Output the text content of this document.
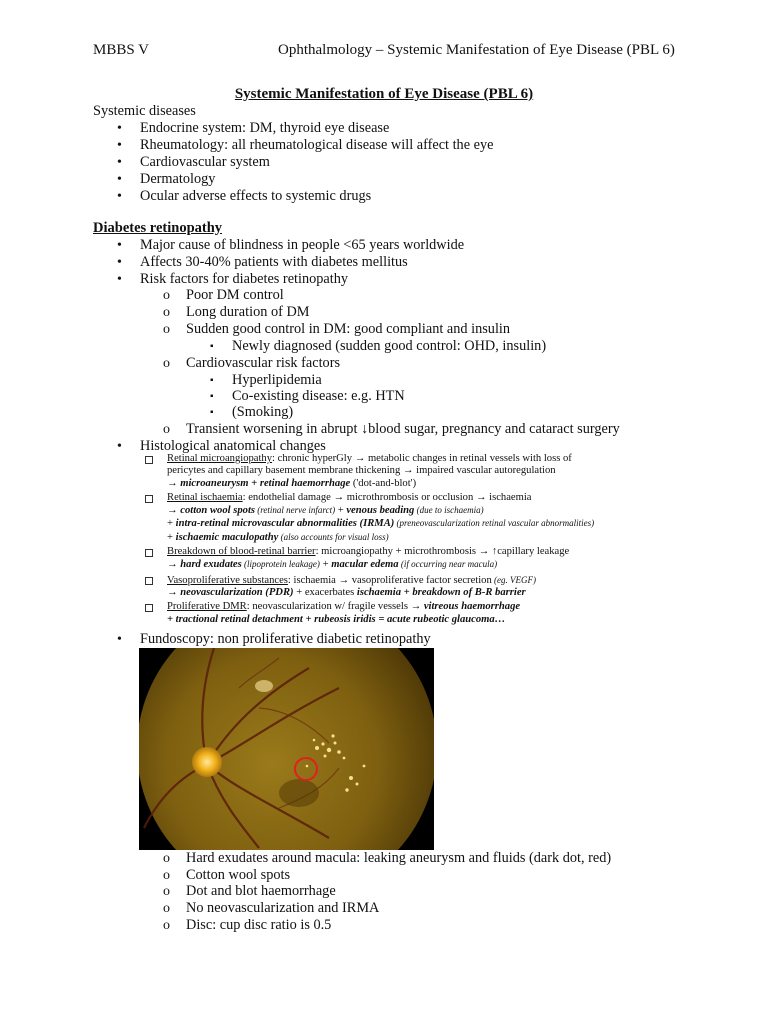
MBBS V	Ophthalmology – Systemic Manifestation of Eye Disease (PBL 6)
Systemic Manifestation of Eye Disease (PBL 6)
Systemic diseases
• Endocrine system: DM, thyroid eye disease
• Rheumatology: all rheumatological disease will affect the eye
• Cardiovascular system
• Dermatology
• Ocular adverse effects to systemic drugs
Diabetes retinopathy
• Major cause of blindness in people <65 years worldwide
• Affects 30-40% patients with diabetes mellitus
• Risk factors for diabetes retinopathy
o Poor DM control
o Long duration of DM
o Sudden good control in DM: good compliant and insulin
▪ Newly diagnosed (sudden good control: OHD, insulin)
o Cardiovascular risk factors
▪ Hyperlipidemia
▪ Co-existing disease: e.g. HTN
▪ (Smoking)
o Transient worsening in abrupt ↓blood sugar, pregnancy and cataract surgery
• Histological anatomical changes
Retinal microangiopathy: chronic hyperGly → metabolic changes in retinal vessels with loss of
pericytes and capillary basement membrane thickening → impaired vascular autoregulation
→ microaneurysm + retinal haemorrhage ('dot-and-blot')
Retinal ischaemia: endothelial damage → microthrombosis or occlusion → ischaemia
→ cotton wool spots (retinal nerve infarct) + venous beading (due to ischaemia)
+ intra-retinal microvascular abnormalities (IRMA) (preneovascularization retinal vascular abnormalities)
+ ischaemic maculopathy (also accounts for visual loss)
Breakdown of blood-retinal barrier: microangiopathy + microthrombosis → ↑capillary leakage
→ hard exudates (lipoprotein leakage) + macular edema (if occurring near macula)
Vasoproliferative substances: ischaemia → vasoproliferative factor secretion (eg. VEGF)
→ neovascularization (PDR) + exacerbates ischaemia + breakdown of B-R barrier
Proliferative DMR: neovascularization w/ fragile vessels → vitreous haemorrhage
+ tractional retinal detachment + rubeosis iridis = acute rubeotic glaucoma…
• Fundoscopy: non proliferative diabetic retinopathy
o Hard exudates around macula: leaking aneurysm and fluids (dark dot, red)
o Cotton wool spots
o Dot and blot haemorrhage
o No neovascularization and IRMA
o Disc: cup disc ratio is 0.5
